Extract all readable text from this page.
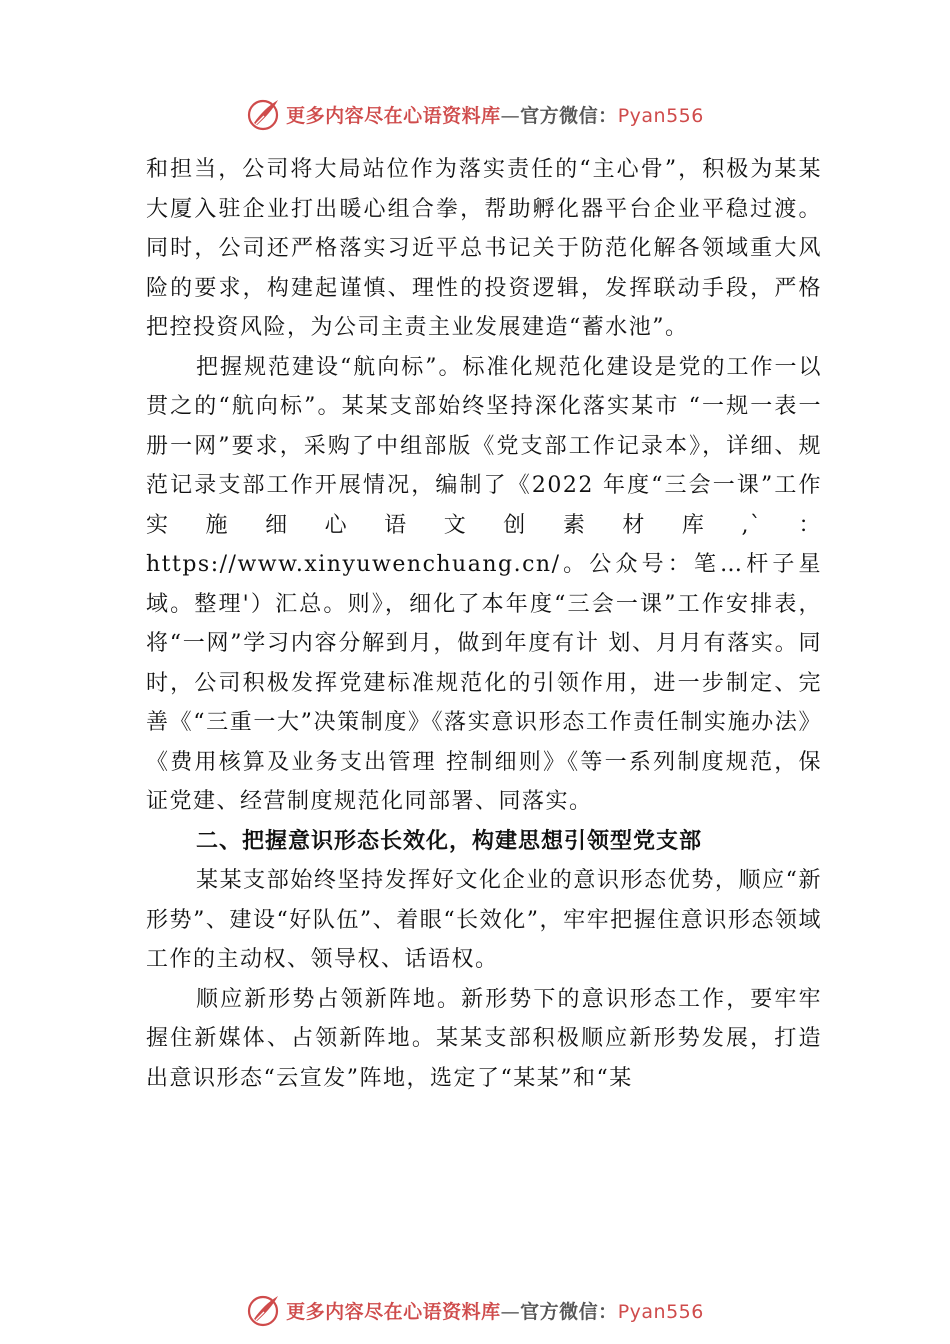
更多内容尽在心语资料库—官方微信：Pyan556

和担当，公司将大局站位作为落实责任的“主心骨”，积极为某某大厦入驻企业打出暖心组合拳，帮助孵化器平台企业平稳过渡。同时，公司还严格落实习近平总书记关于防范化解各领域重大风险的要求，构建起谨慎、理性的投资逻辑，发挥联动手段，严格把控投资风险，为公司主责主业发展建造“蓄水池”。

把握规范建设“航向标”。标准化规范化建设是党的工作一以贯之的“航向标”。某某支部始终坚持深化落实某市 “一规一表一册一网”要求，采购了中组部版《党支部工作记录本》，详细、规范记录支部工作开展情况，编制了《2022 年度“三会一课”工作实施细心语文创素材库,`：https://www.xinyuwenchuang.cn/。公众号：笔…杆子星域。整理'）汇总。则》，细化了本年度“三会一课”工作安排表，将“一网”学习内容分解到月，做到年度有计 划、月月有落实。同时，公司积极发挥党建标准规范化的引领作用，进一步制定、完善《“三重一大”决策制度》《落实意识形态工作责任制实施办法》《费用核算及业务支出管理 控制细则》《等一系列制度规范，保证党建、经营制度规范化同部署、同落实。

二、把握意识形态长效化，构建思想引领型党支部

某某支部始终坚持发挥好文化企业的意识形态优势，顺应“新形势”、建设“好队伍”、着眼“长效化”，牢牢把握住意识形态领域工作的主动权、领导权、话语权。

顺应新形势占领新阵地。新形势下的意识形态工作，要牢牢握住新媒体、占领新阵地。某某支部积极顺应新形势发展，打造出意识形态“云宣发”阵地，选定了“某某”和“某

更多内容尽在心语资料库—官方微信：Pyan556
